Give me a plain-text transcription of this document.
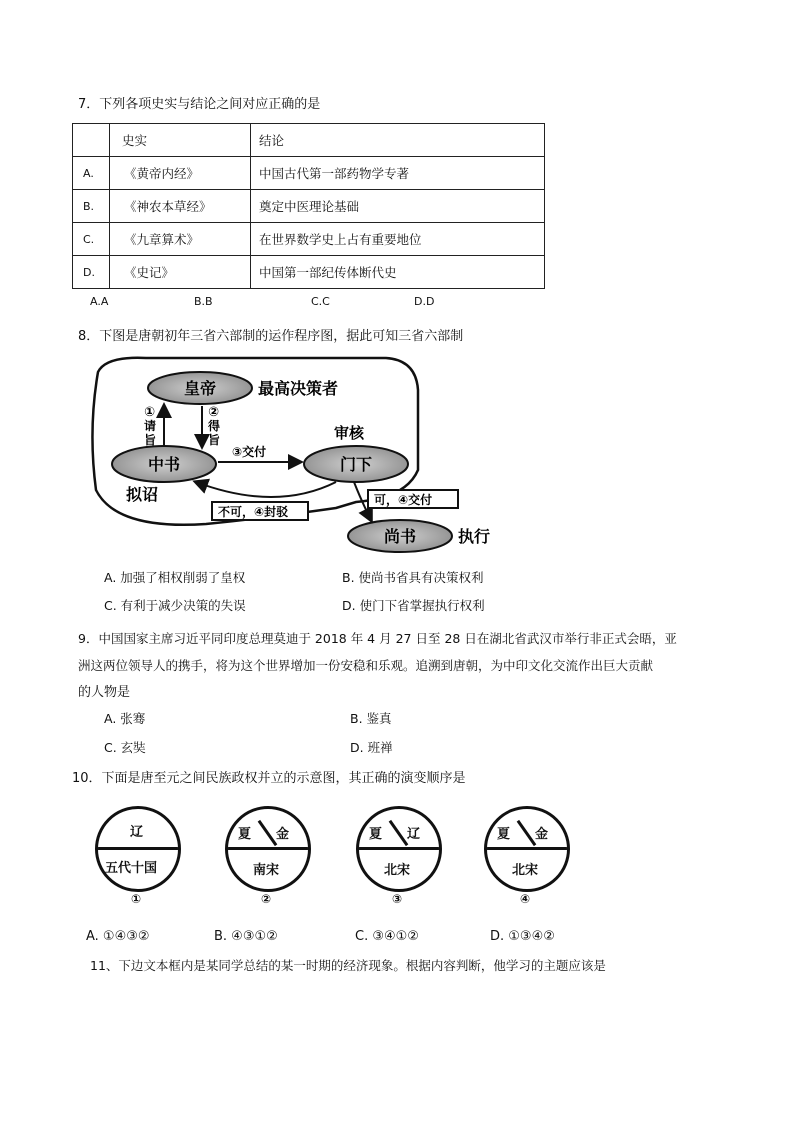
7．下列各项史实与结论之间对应正确的是
	史实	结论
A.	《黄帝内经》	中国古代第一部药物学专著
B.	《神农本草经》	奠定中医理论基础
C.	《九章算术》	在世界数学史上占有重要地位
D.	《史记》	中国第一部纪传体断代史
A.A	B.B	C.C	D.D
8．下图是唐朝初年三省六部制的运作程序图，据此可知三省六部制
皇帝	最高决策者
中书
拟诏
门下
审核
尚书	执行
①
请旨
②
得旨
③交付
不可，④封驳
可，④交付
A. 加强了相权削弱了皇权	B. 使尚书省具有决策权利
C. 有利于减少决策的失误	D. 使门下省掌握执行权利
9．中国国家主席习近平同印度总理莫迪于 2018 年 4 月 27 日至 28 日在湖北省武汉市举行非正式会晤，亚
洲这两位领导人的携手，将为这个世界增加一份安稳和乐观。追溯到唐朝，为中印文化交流作出巨大贡献
的人物是
A. 张骞	B. 鉴真
C. 玄奘	D. 班禅
10．下面是唐至元之间民族政权并立的示意图，其正确的演变顺序是
辽
五代十国
①
夏 金
南宋
②
夏 辽
北宋
③
夏 金
北宋
④
A. ①④③②	B. ④③①②	C. ③④①②	D. ①③④②
11、下边文本框内是某同学总结的某一时期的经济现象。根据内容判断，他学习的主题应该是
